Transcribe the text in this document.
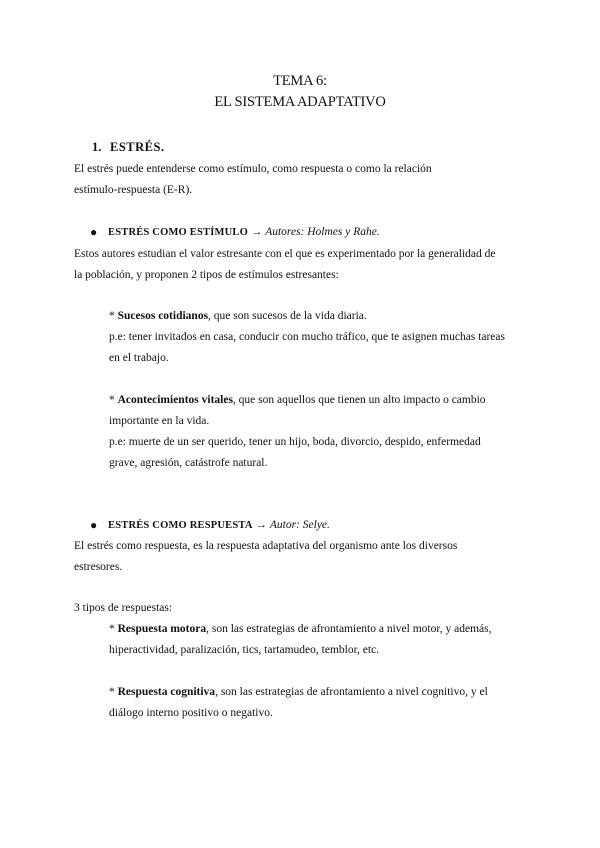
TEMA 6:
EL SISTEMA ADAPTATIVO
1. ESTRÉS.
El estrés puede entenderse como estímulo, como respuesta o como la relación
estímulo-respuesta (E-R).
● ESTRÉS COMO ESTÍMULO → Autores: Holmes y Rahe.
Estos autores estudian el valor estresante con el que es experimentado por la generalidad de
la población, y proponen 2 tipos de estímulos estresantes:
* Sucesos cotidianos, que son sucesos de la vida diaria.
p.e: tener invitados en casa, conducir con mucho tráfico, que te asignen muchas tareas
en el trabajo.
* Acontecimientos vitales, que son aquellos que tienen un alto impacto o cambio
importante en la vida.
p.e: muerte de un ser querido, tener un hijo, boda, divorcio, despido, enfermedad
grave, agresión, catástrofe natural.
● ESTRÉS COMO RESPUESTA → Autor: Selye.
El estrés como respuesta, es la respuesta adaptativa del organismo ante los diversos
estresores.
3 tipos de respuestas:
* Respuesta motora, son las estrategias de afrontamiento a nivel motor, y además,
hiperactividad, paralización, tics, tartamudeo, temblor, etc.
* Respuesta cognitiva, son las estrategias de afrontamiento a nivel cognitivo, y el
diálogo interno positivo o negativo.
